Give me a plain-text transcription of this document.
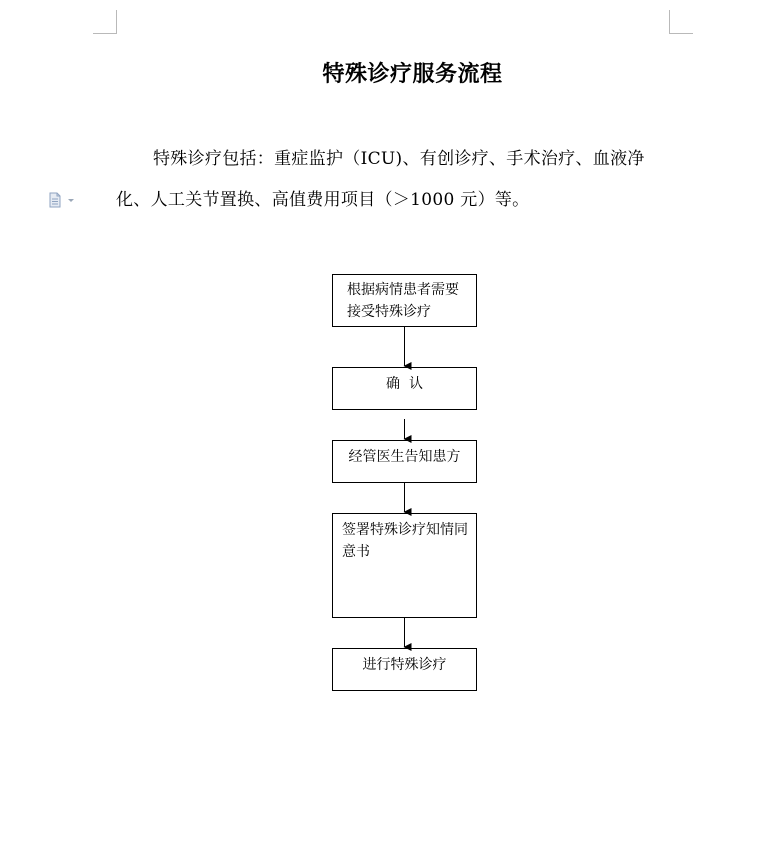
特殊诊疗服务流程
特殊诊疗包括：重症监护（ICU)、有创诊疗、手术治疗、血液净
化、人工关节置换、高值费用项目（＞1000 元）等。
根据病情患者需要接受特殊诊疗
确  认
经管医生告知患方
签署特殊诊疗知情同意书
进行特殊诊疗
